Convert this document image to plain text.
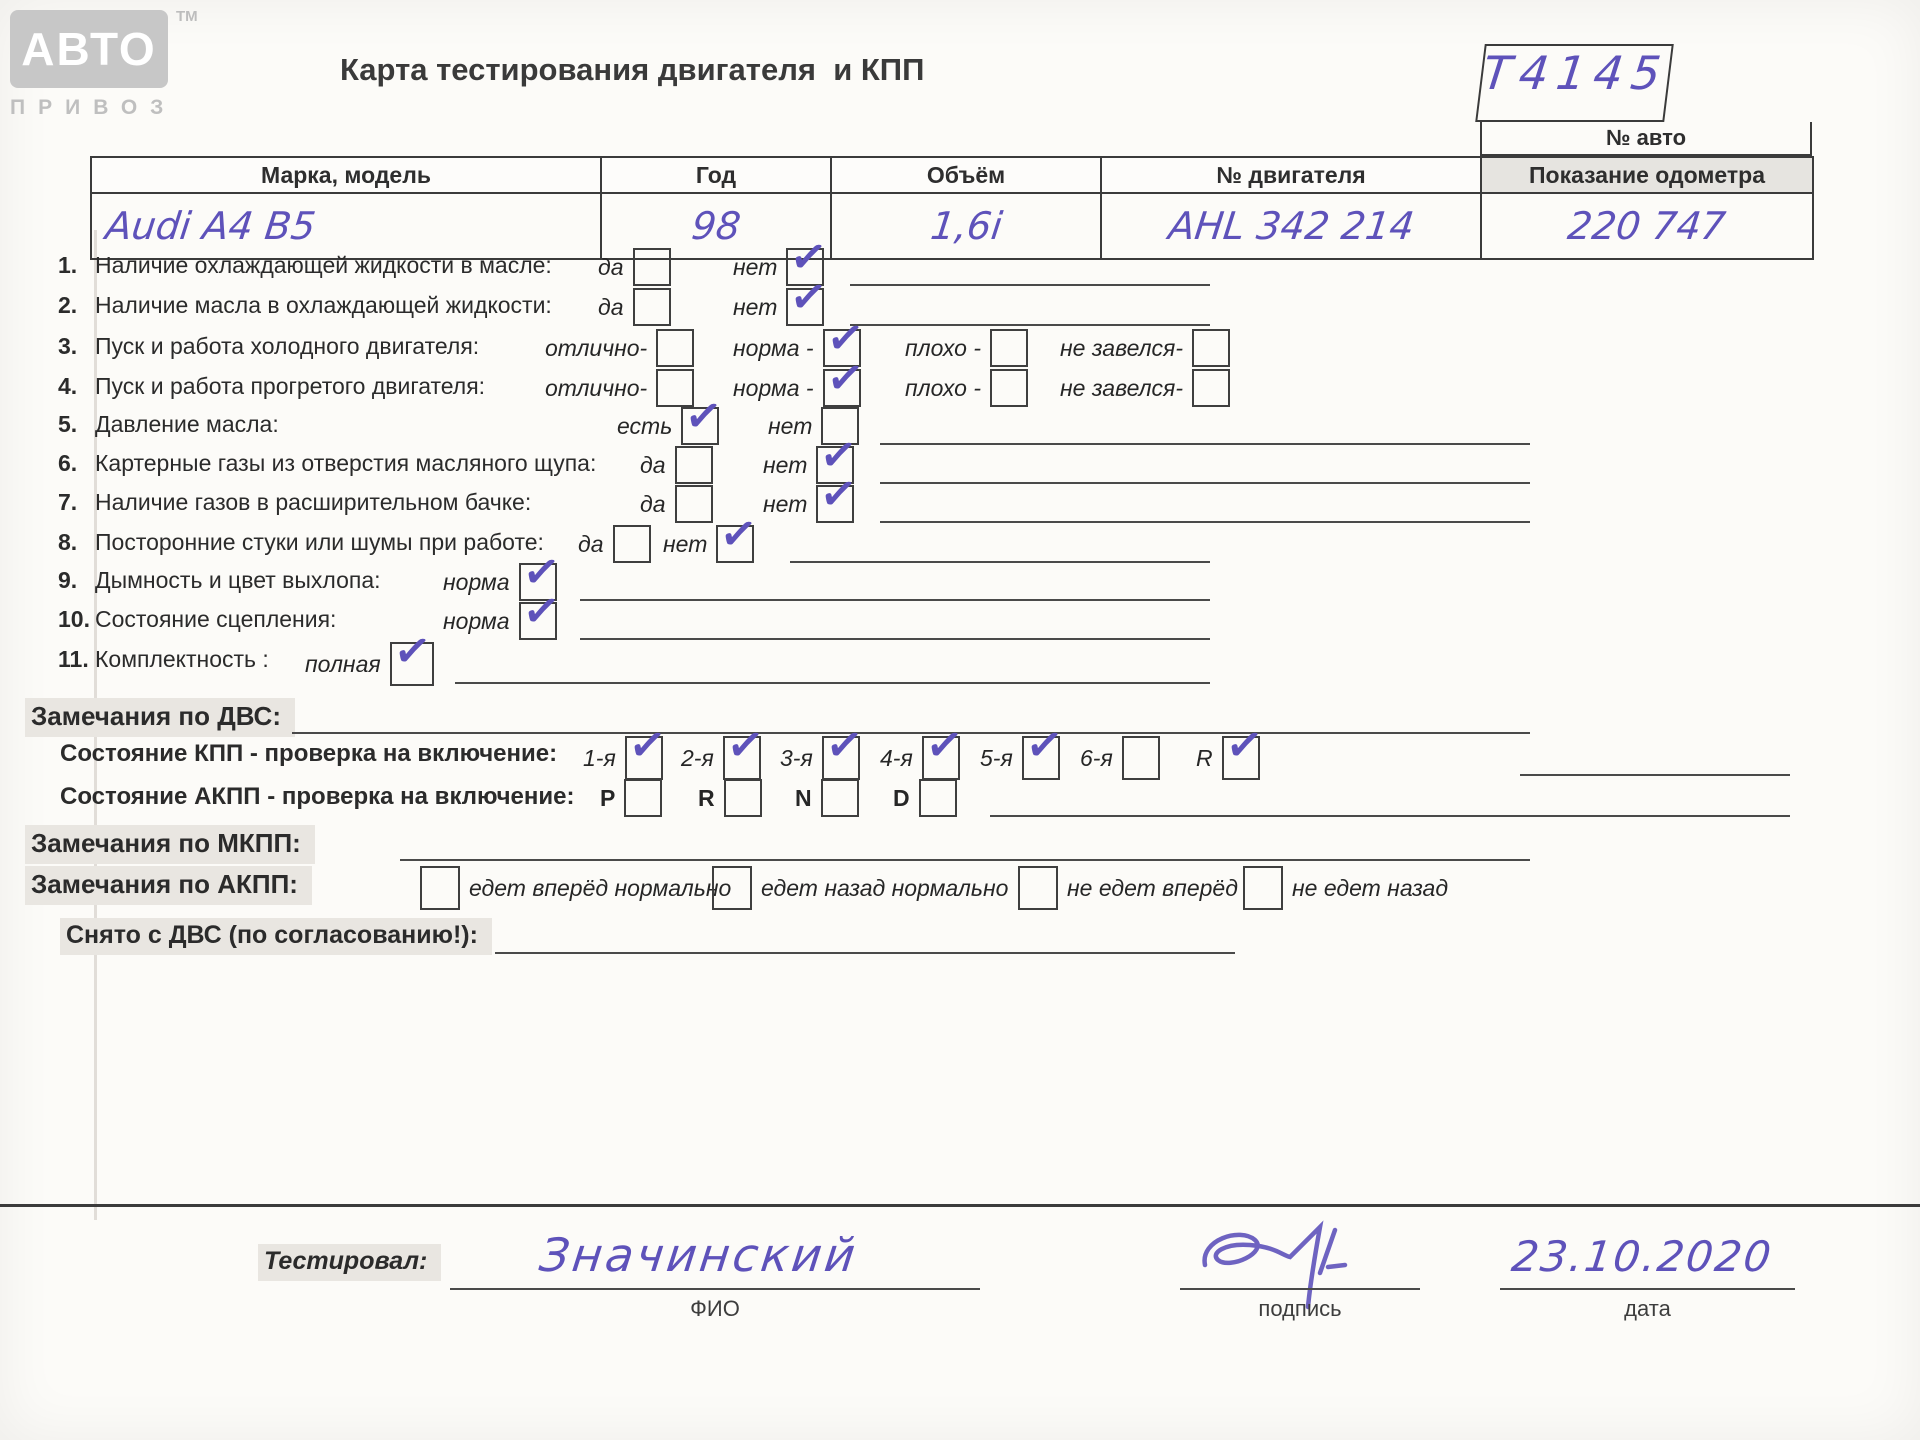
АВТО
TM
ПРИВОЗ
Карта тестирования двигателя  и КПП	T4145
№ авто
Марка, модель	Год	Объём	№ двигателя	Показание одометра
Audi A4 B5	98	1,6i	AHL 342 214	220 747
1. Наличие охлаждающей жидкости в масле: да	нет ✓
2. Наличие масла в охлаждающей жидкости: да	нет ✓
3. Пуск и работа холодного двигателя:	отлично-	норма - ✓ плохо -	не завелся-
4. Пуск и работа прогретого двигателя:	отлично-	норма - ✓ плохо -	не завелся-
5. Давление масла:	есть ✓ нет
6. Картерные газы из отверстия масляного щупа: да	нет ✓
7. Наличие газов в расширительном бачке:	да	нет ✓
8. Посторонние стуки или шумы при работе: да	нет ✓
9. Дымность и цвет выхлопа:	норма ✓
10. Состояние сцепления:	норма ✓
11. Комплектность : полная ✓
Замечания по ДВС:
Состояние КПП - проверка на включение: 1-я ✓ 2-я ✓ 3-я ✓ 4-я ✓ 5-я ✓ 6-я	R ✓
Состояние АКПП - проверка на включение: P	R	N	D
Замечания по МКПП:
Замечания по АКПП:	едет вперёд нормально едет назад нормально	не едет вперёд не едет назад
Снято с ДВС (по согласованию!):
Тестировал:	Значинский
ФИО	подпись
23.10.2020
дата
